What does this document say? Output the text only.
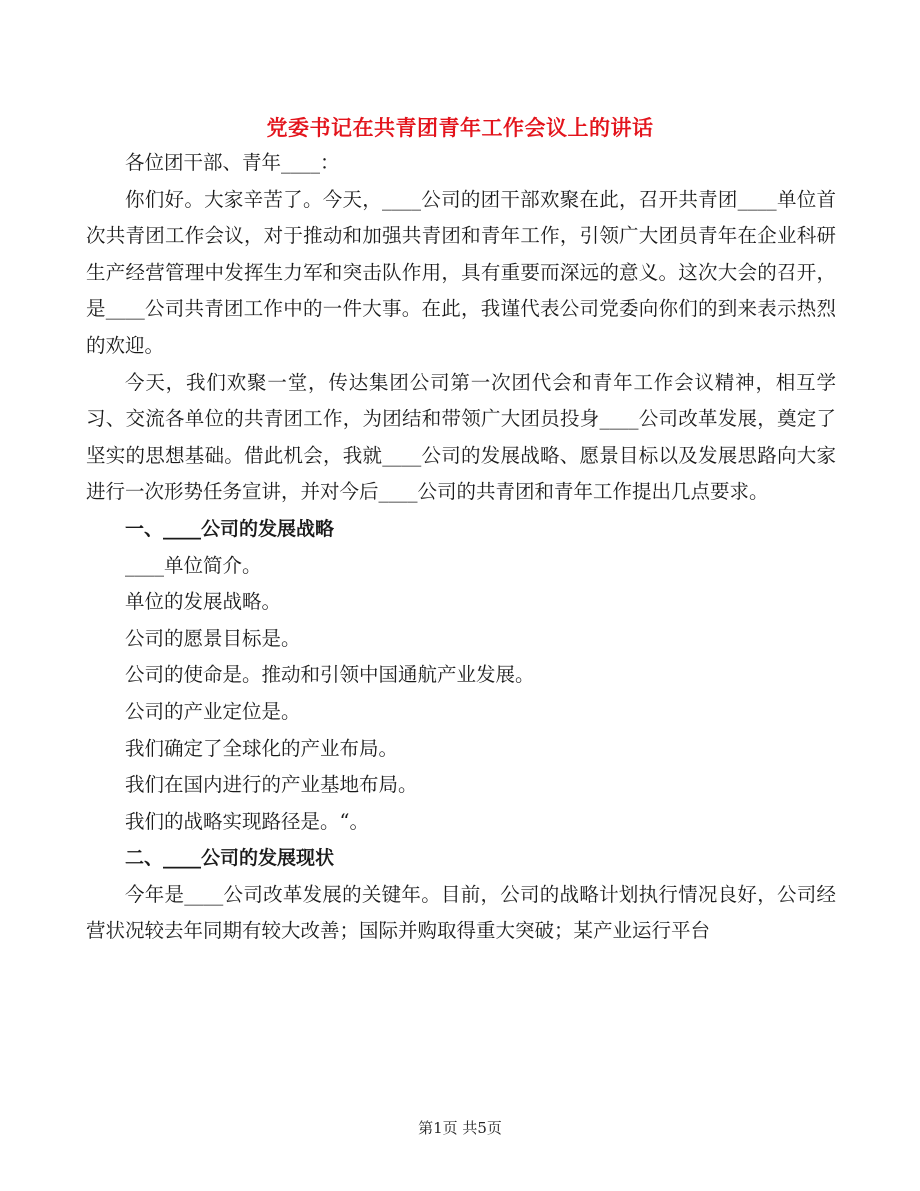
党委书记在共青团青年工作会议上的讲话

各位团干部、青年____：

你们好。大家辛苦了。今天，____公司的团干部欢聚在此，召开共青团____单位首次共青团工作会议，对于推动和加强共青团和青年工作，引领广大团员青年在企业科研生产经营管理中发挥生力军和突击队作用，具有重要而深远的意义。这次大会的召开，是____公司共青团工作中的一件大事。在此，我谨代表公司党委向你们的到来表示热烈的欢迎。

今天，我们欢聚一堂，传达集团公司第一次团代会和青年工作会议精神，相互学习、交流各单位的共青团工作，为团结和带领广大团员投身____公司改革发展，奠定了坚实的思想基础。借此机会，我就____公司的发展战略、愿景目标以及发展思路向大家进行一次形势任务宣讲，并对今后____公司的共青团和青年工作提出几点要求。

一、____公司的发展战略

____单位简介。

单位的发展战略。

公司的愿景目标是。

公司的使命是。推动和引领中国通航产业发展。

公司的产业定位是。

我们确定了全球化的产业布局。

我们在国内进行的产业基地布局。

我们的战略实现路径是。“。

二、____公司的发展现状

今年是____公司改革发展的关键年。目前，公司的战略计划执行情况良好，公司经营状况较去年同期有较大改善；国际并购取得重大突破；某产业运行平台

第1页 共5页
